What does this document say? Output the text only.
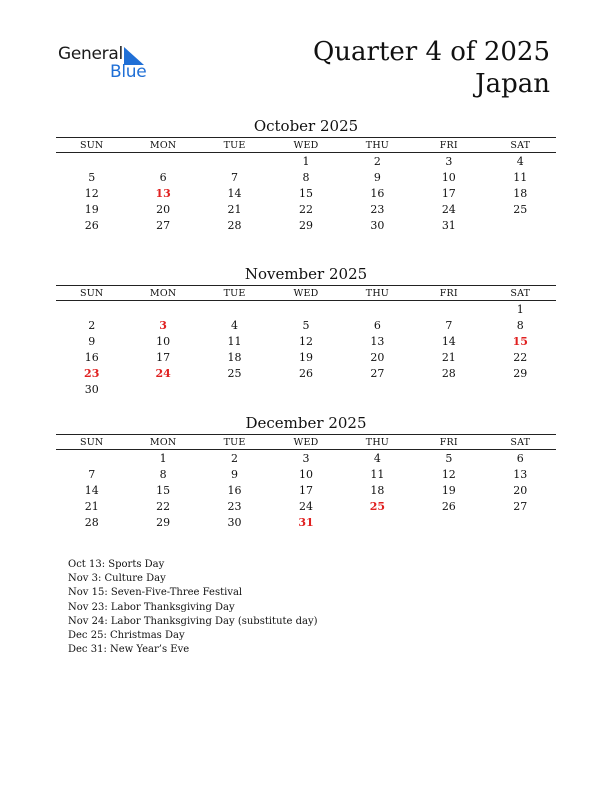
General
Blue
Quarter 4 of 2025
Japan
October 2025
SUN	MON	TUE	WED	THU	FRI	SAT
			1	2	3	4
5	6	7	8	9	10	11
12	13	14	15	16	17	18
19	20	21	22	23	24	25
26	27	28	29	30	31	
November 2025
SUN	MON	TUE	WED	THU	FRI	SAT
						1
2	3	4	5	6	7	8
9	10	11	12	13	14	15
16	17	18	19	20	21	22
23	24	25	26	27	28	29
30						
December 2025
SUN	MON	TUE	WED	THU	FRI	SAT
	1	2	3	4	5	6
7	8	9	10	11	12	13
14	15	16	17	18	19	20
21	22	23	24	25	26	27
28	29	30	31			
Oct 13: Sports Day
Nov 3: Culture Day
Nov 15: Seven-Five-Three Festival
Nov 23: Labor Thanksgiving Day
Nov 24: Labor Thanksgiving Day (substitute day)
Dec 25: Christmas Day
Dec 31: New Year’s Eve
